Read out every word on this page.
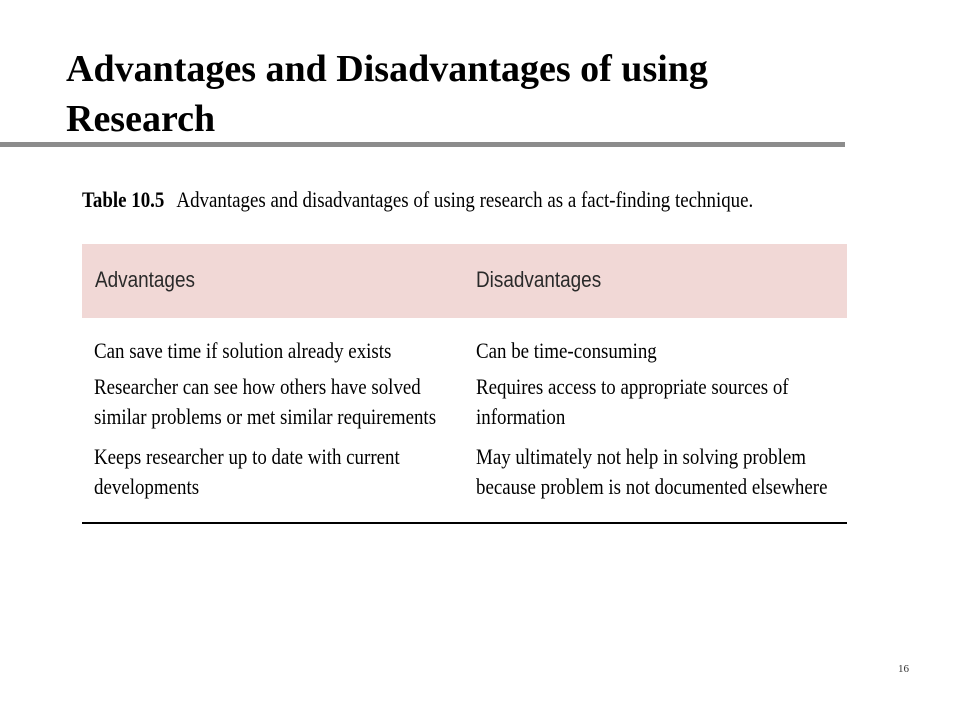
Advantages and Disadvantages of using Research
Table 10.5 Advantages and disadvantages of using research as a fact-finding technique.
Advantages	Disadvantages
Can save time if solution already exists	Can be time-consuming
Researcher can see how others have solved similar problems or met similar requirements
Requires access to appropriate sources of information
Keeps researcher up to date with current developments
May ultimately not help in solving problem because problem is not documented elsewhere
16
